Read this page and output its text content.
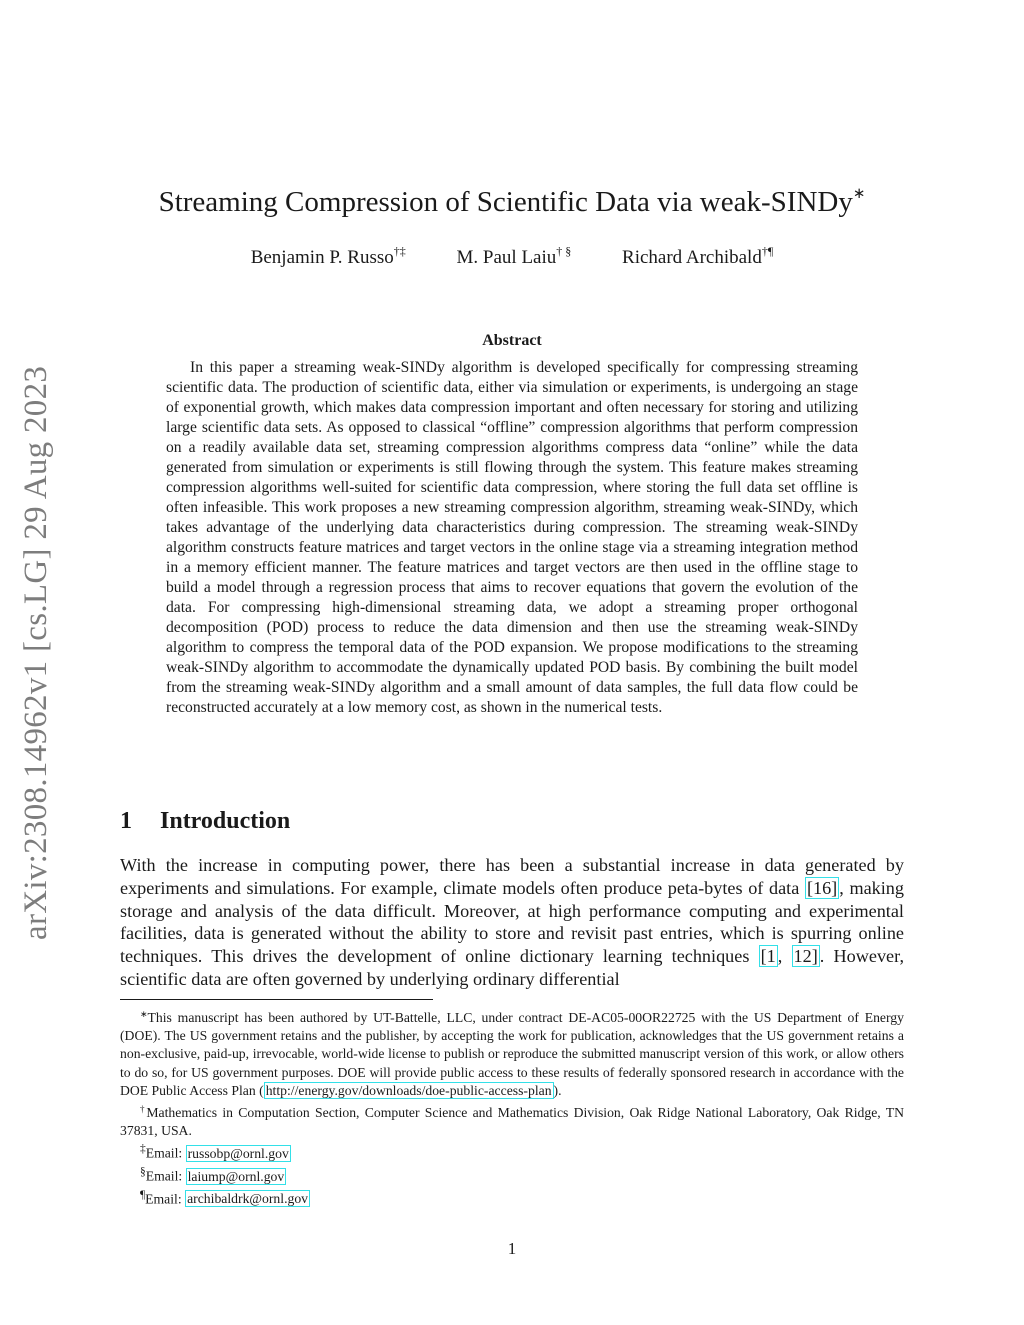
arXiv:2308.14962v1 [cs.LG] 29 Aug 2023
Streaming Compression of Scientific Data via weak-SINDy∗
Benjamin P. Russo†‡	M. Paul Laiu† §	Richard Archibald†¶
Abstract

In this paper a streaming weak-SINDy algorithm is developed specifically for compressing streaming scientific data. The production of scientific data, either via simulation or experiments, is undergoing an stage of exponential growth, which makes data compression important and often necessary for storing and utilizing large scientific data sets. As opposed to classical “offline” compression algorithms that perform compression on a readily available data set, streaming compression algorithms compress data “online” while the data generated from simulation or experiments is still flowing through the system. This feature makes streaming compression algorithms well-suited for scientific data compression, where storing the full data set offline is often infeasible. This work proposes a new streaming compression algorithm, streaming weak-SINDy, which takes advantage of the underlying data characteristics during compression. The streaming weak-SINDy algorithm constructs feature matrices and target vectors in the online stage via a streaming integration method in a memory efficient manner. The feature matrices and target vectors are then used in the offline stage to build a model through a regression process that aims to recover equations that govern the evolution of the data. For compressing high-dimensional streaming data, we adopt a streaming proper orthogonal decomposition (POD) process to reduce the data dimension and then use the streaming weak-SINDy algorithm to compress the temporal data of the POD expansion. We propose modifications to the streaming weak-SINDy algorithm to accommodate the dynamically updated POD basis. By combining the built model from the streaming weak-SINDy algorithm and a small amount of data samples, the full data flow could be reconstructed accurately at a low memory cost, as shown in the numerical tests.

1 Introduction

With the increase in computing power, there has been a substantial increase in data generated by experiments and simulations. For example, climate models often produce peta-bytes of data [16] , making storage and analysis of the data difficult. Moreover, at high performance computing and experimental facilities, data is generated without the ability to store and revisit past entries, which is spurring online techniques. This drives the development of online dictionary learning techniques [1 , 12] . However, scientific data are often governed by underlying ordinary differential

∗This manuscript has been authored by UT-Battelle, LLC, under contract DE-AC05-00OR22725 with the US Department of Energy (DOE). The US government retains and the publisher, by accepting the work for publication, acknowledges that the US government retains a non-exclusive, paid-up, irrevocable, world-wide license to publish or reproduce the submitted manuscript version of this work, or allow others to do so, for US government purposes. DOE will provide public access to these results of federally sponsored research in accordance with the DOE Public Access Plan ( http://energy.gov/downloads/doe-public-access-plan ).

†Mathematics in Computation Section, Computer Science and Mathematics Division, Oak Ridge National Laboratory, Oak Ridge, TN 37831, USA.

‡Email: russobp@ornl.gov

§Email: laiump@ornl.gov

¶Email: archibaldrk@ornl.gov

1
